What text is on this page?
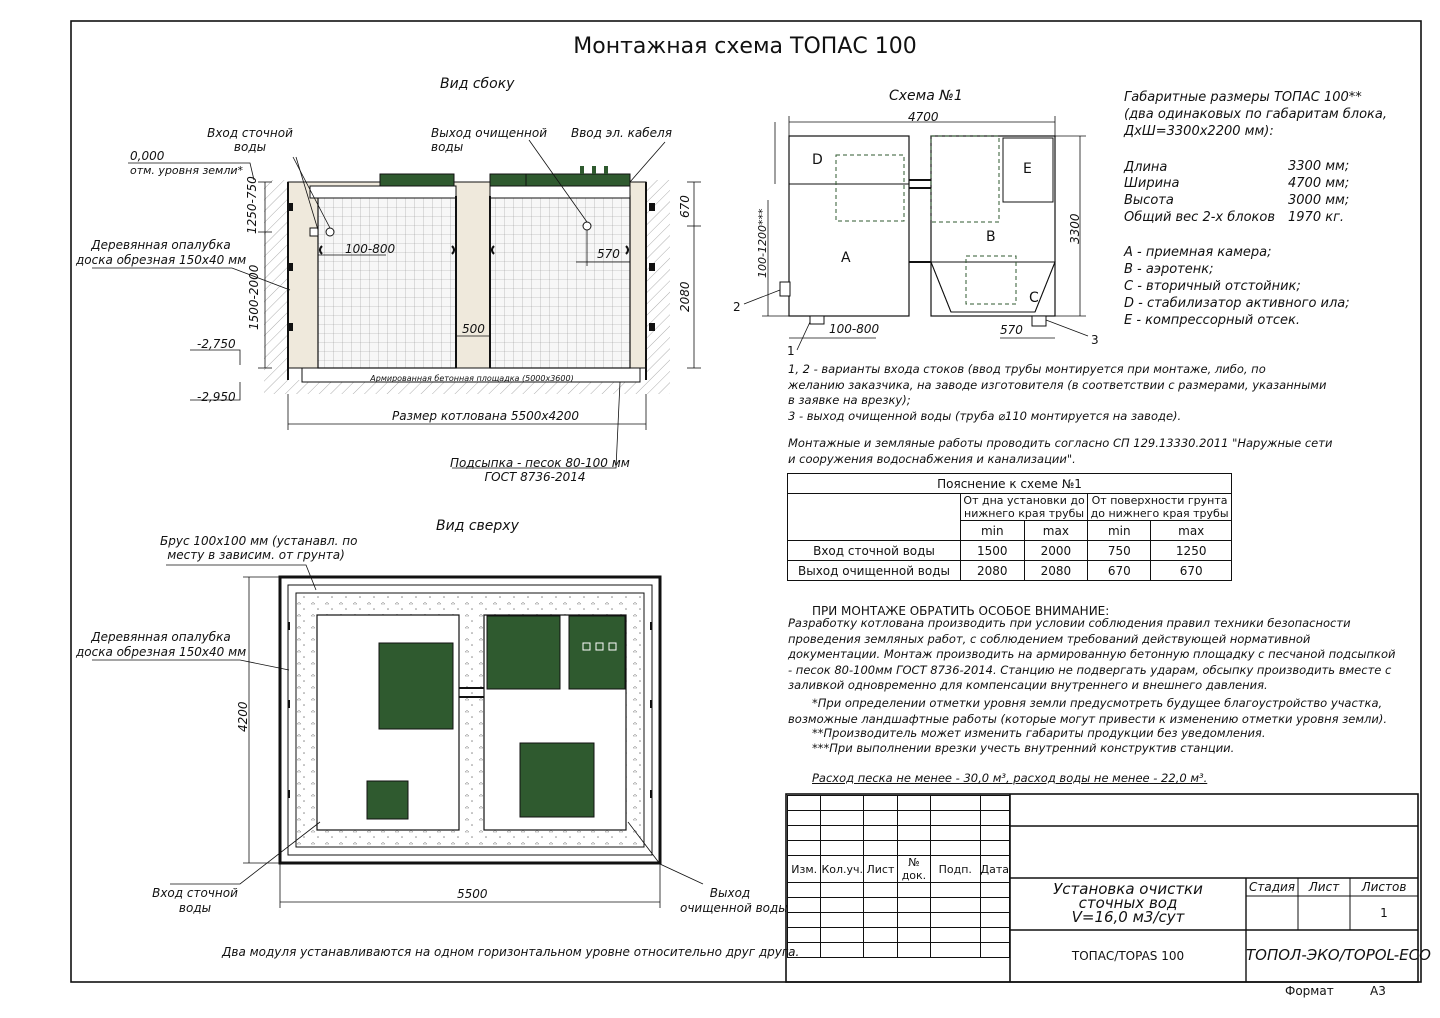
Монтажная схема ТОПАС 100
Вид сбоку
Вход сточной
воды
Выход очищенной
воды
Ввод эл. кабеля
0,000
отм. уровня земли*
Деревянная опалубка
доска обрезная 150х40 мм
1250-750
1500-2000
100-800	570
500
670
2080
-2,750
-2,950
Армированная бетонная площадка (5000х3600)
Размер котлована 5500х4200
Подсыпка - песок 80-100 мм
ГОСТ 8736-2014
Вид сверху
Брус 100х100 мм (устанавл. по
месту в зависим. от грунта)
Деревянная опалубка
доска обрезная 150х40 мм
4200
5500
Вход сточной
воды
Выход
очищенной воды
Два модуля устанавливаются на одном горизонтальном уровне относительно друг друга.
Схема №1
4700
3300
100-1200***
100-800	570
A
B
C
D
E
1
2
3
Габаритные размеры ТОПАС 100**
(два одинаковых по габаритам блока,
ДхШ=3300х2200 мм):
Длина	3300 мм;
Ширина	4700 мм;
Высота	3000 мм;
Общий вес 2-х блоков 1970 кг.
А - приемная камера;
В - аэротенк;
С - вторичный отстойник;
D - стабилизатор активного ила;
Е - компрессорный отсек.
1, 2 - варианты входа стоков (ввод трубы монтируется при монтаже, либо, по
желанию заказчика, на заводе изготовителя (в соответствии с размерами, указанными
в заявке на врезку);
3 - выход очищенной воды (труба ⌀110 монтируется на заводе).
Монтажные и земляные работы проводить согласно СП 129.13330.2011 "Наружные сети
и сооружения водоснабжения и канализации".
Пояснение к схеме №1				
	От дна установки до
нижнего края трубы		От поверхности грунта
до нижнего края трубы	
	min	max	min	max
Вход сточной воды	1500	2000	750	1250
Выход очищенной воды	2080	2080	670	670
ПРИ МОНТАЖЕ ОБРАТИТЬ ОСОБОЕ ВНИМАНИЕ:
Разработку котлована производить при условии соблюдения правил техники безопасности проведения земляных работ, с соблюдением требований действующей нормативной документации. Монтаж производить на армированную бетонную площадку с песчаной подсыпкой - песок 80-100мм ГОСТ 8736-2014. Станцию не подвергать ударам, обсыпку производить вместе с заливкой одновременно для компенсации внутреннего и внешнего давления.
*При определении отметки уровня земли предусмотреть будущее благоустройство участка, возможные ландшафтные работы (которые могут привести к изменению отметки уровня земли).
**Производитель может изменить габариты продукции без уведомления.
***При выполнении врезки учесть внутренний конструктив станции.
Расход песка не менее - 30,0 м³, расход воды не менее - 22,0 м³.

Изм.	Кол.уч.	Лист	№ док.	Подп.	Дата

Установка очистки
сточных вод
V=16,0 м3/сут
Стадия	Лист	Листов
1
ТОПАС/TOPAS 100	ТОПОЛ-ЭКО/TOPOL-ECO
Формат	А3
